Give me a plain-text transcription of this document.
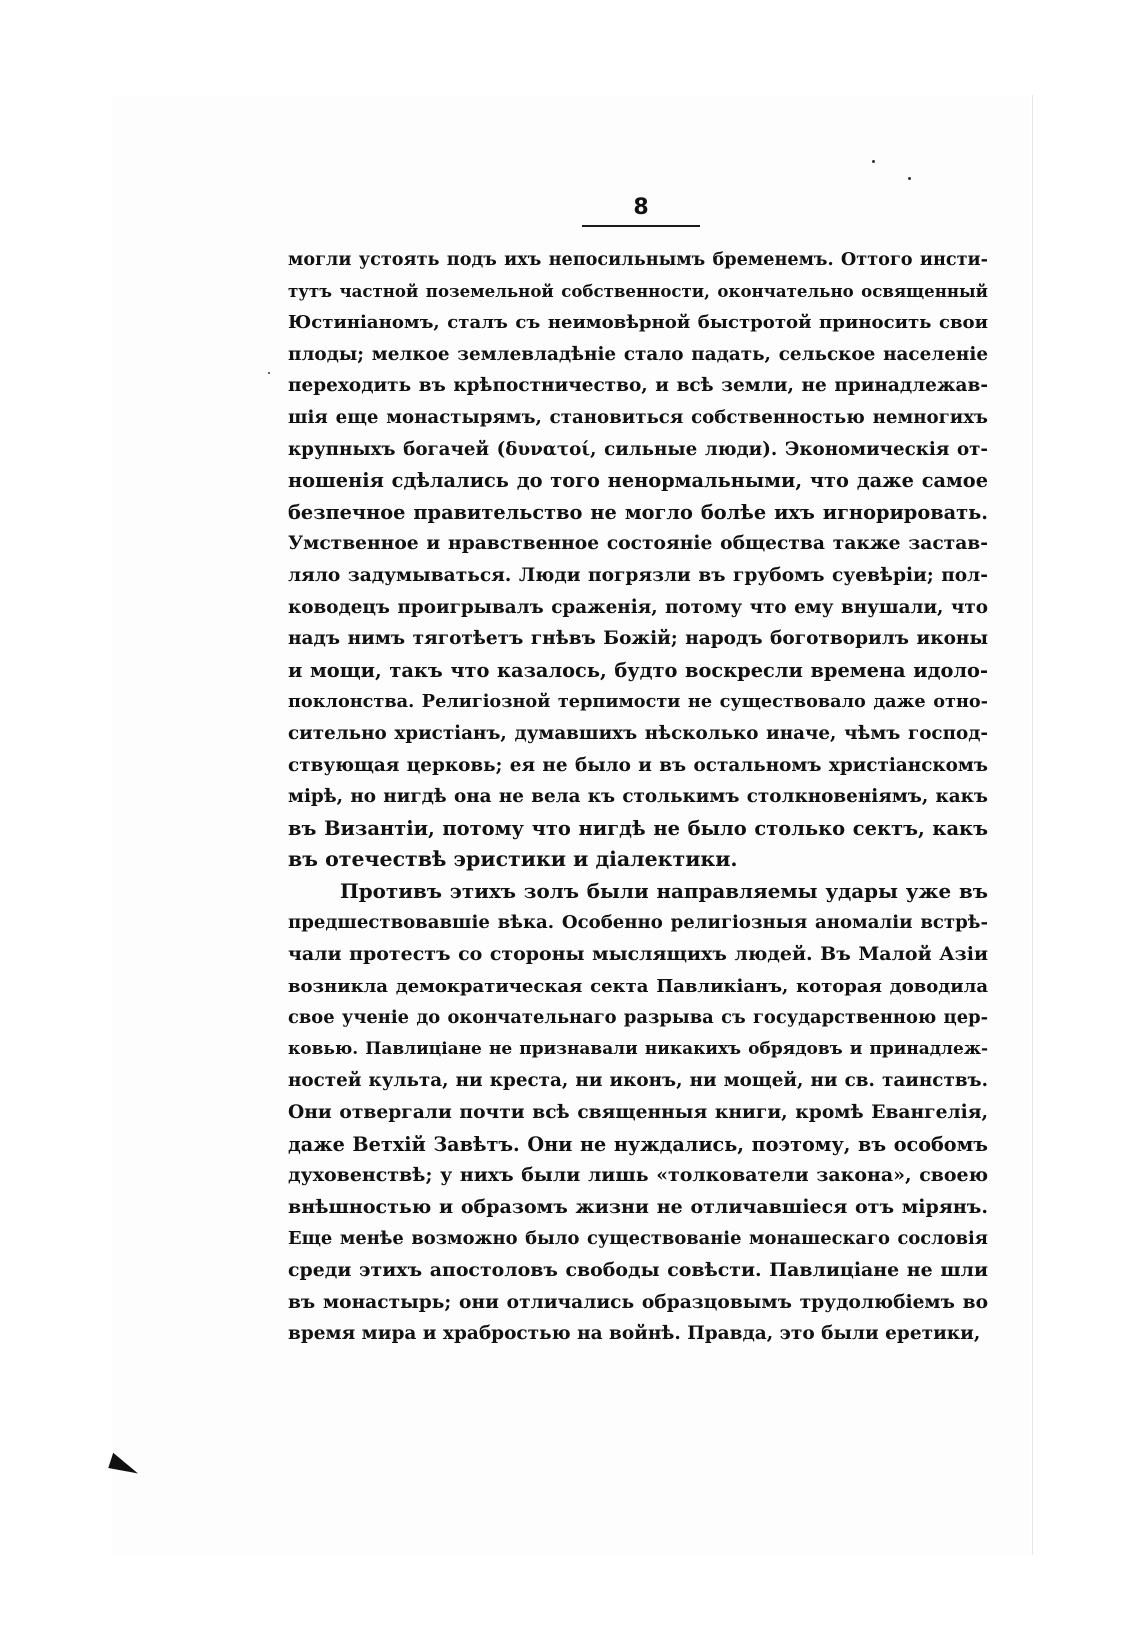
8
могли устоять подъ ихъ непосильнымъ бременемъ. Оттого инсти-
тутъ частной поземельной собственности, окончательно освященный
Юстиніаномъ, сталъ съ неимовѣрной быстротой приносить свои
плоды; мелкое землевладѣніе стало падать, сельское населеніе
переходить въ крѣпостничество, и всѣ земли, не принадлежав-
шія еще монастырямъ, становиться собственностью немногихъ
крупныхъ богачей (δυνατοί, сильные люди). Экономическія от-
ношенія сдѣлались до того ненормальными, что даже самое
безпечное правительство не могло болѣе ихъ игнорировать.
Умственное и нравственное состояніе общества также застав-
ляло задумываться. Люди погрязли въ грубомъ суевѣріи; пол-
ководецъ проигрывалъ сраженія, потому что ему внушали, что
надъ нимъ тяготѣетъ гнѣвъ Божій; народъ боготворилъ иконы
и мощи, такъ что казалось, будто воскресли времена идоло-
поклонства. Религіозной терпимости не существовало даже отно-
сительно христіанъ, думавшихъ нѣсколько иначе, чѣмъ господ-
ствующая церковь; ея не было и въ остальномъ христіанскомъ
мірѣ, но нигдѣ она не вела къ столькимъ столкновеніямъ, какъ
въ Византіи, потому что нигдѣ не было столько сектъ, какъ
въ отечествѣ эристики и діалектики.
Противъ этихъ золъ были направляемы удары уже въ
предшествовавшіе вѣка. Особенно религіозныя аномаліи встрѣ-
чали протестъ со стороны мыслящихъ людей. Въ Малой Азіи
возникла демократическая секта Павликіанъ, которая доводила
свое ученіе до окончательнаго разрыва съ государственною цер-
ковью. Павлиціане не признавали никакихъ обрядовъ и принадлеж-
ностей культа, ни креста, ни иконъ, ни мощей, ни св. таинствъ.
Они отвергали почти всѣ священныя книги, кромѣ Евангелія,
даже Ветхій Завѣтъ. Они не нуждались, поэтому, въ особомъ
духовенствѣ; у нихъ были лишь «толкователи закона», своею
внѣшностью и образомъ жизни не отличавшіеся отъ мірянъ.
Еще менѣе возможно было существованіе монашескаго сословія
среди этихъ апостоловъ свободы совѣсти. Павлиціане не шли
въ монастырь; они отличались образцовымъ трудолюбіемъ во
время мира и храбростью на войнѣ. Правда, это были еретики,
